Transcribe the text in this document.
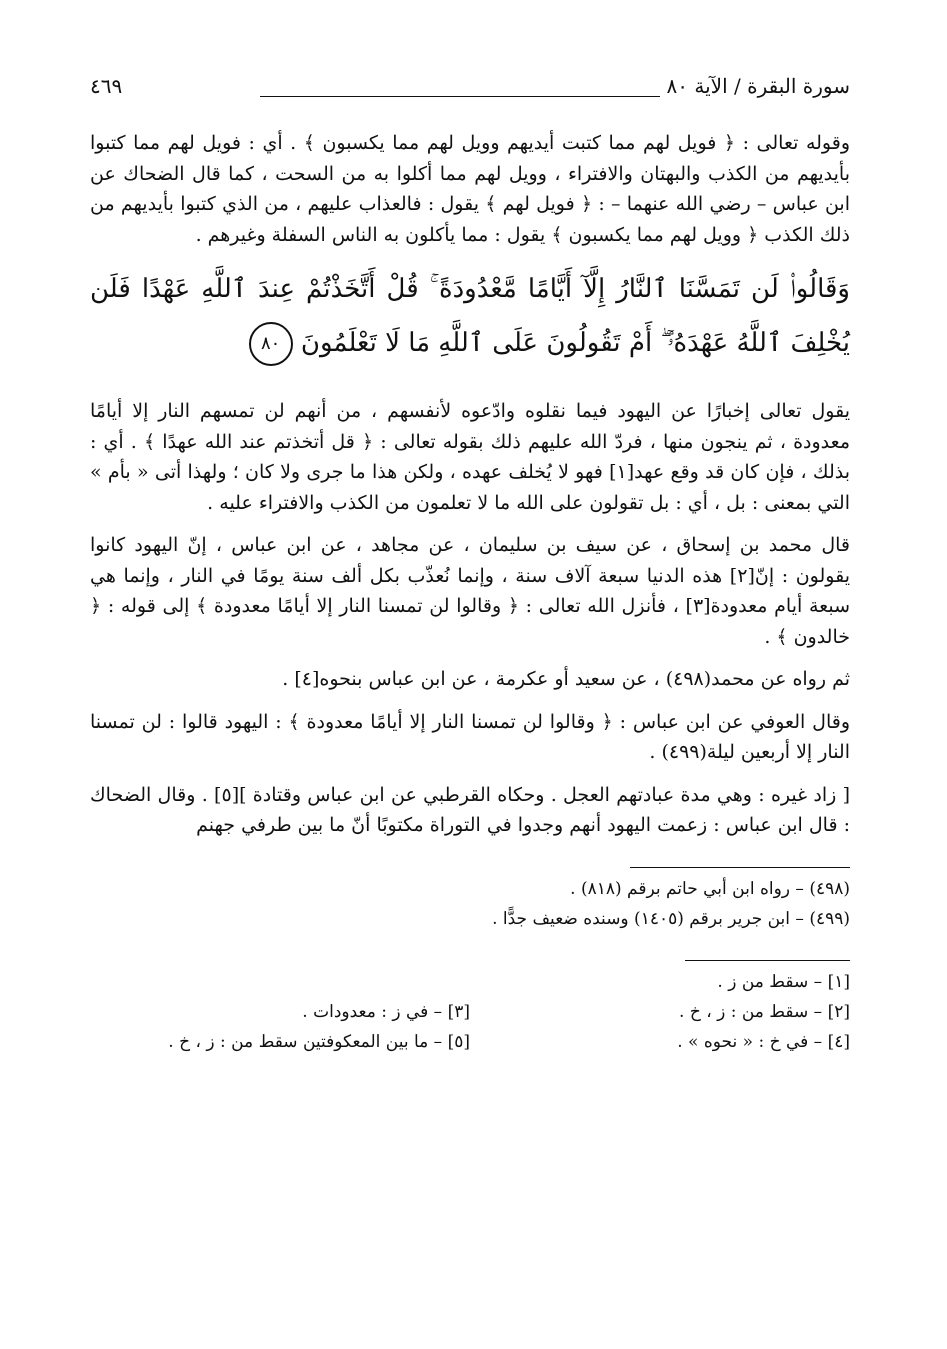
سورة البقرة / الآية ٨٠
٤٦٩

وقوله تعالى : ﴿ فويل لهم مما كتبت أيديهم وويل لهم مما يكسبون ﴾ . أي : فويل لهم مما كتبوا بأيديهم من الكذب والبهتان والافتراء ، وويل لهم مما أكلوا به من السحت ، كما قال الضحاك عن ابن عباس – رضي الله عنهما – : ﴿ فويل لهم ﴾ يقول : فالعذاب عليهم ، من الذي كتبوا بأيديهم من ذلك الكذب ﴿ وويل لهم مما يكسبون ﴾ يقول : مما يأكلون به الناس السفلة وغيرهم .

وَقَالُوا۟ لَن تَمَسَّنَا ٱلنَّارُ إِلَّآ أَيَّامًا مَّعْدُودَةً ۚ قُلْ أَتَّخَذْتُمْ عِندَ ٱللَّهِ عَهْدًا فَلَن يُخْلِفَ ٱللَّهُ عَهْدَهُۥٓ ۖ أَمْ تَقُولُونَ عَلَى ٱللَّهِ مَا لَا تَعْلَمُونَ ٨٠

يقول تعالى إخبارًا عن اليهود فيما نقلوه وادّعوه لأنفسهم ، من أنهم لن تمسهم النار إلا أيامًا معدودة ، ثم ينجون منها ، فردّ الله عليهم ذلك بقوله تعالى : ﴿ قل أتخذتم عند الله عهدًا ﴾ . أي : بذلك ، فإن كان قد وقع عهد[١] فهو لا يُخلف عهده ، ولكن هذا ما جرى ولا كان ؛ ولهذا أتى « بأم » التي بمعنى : بل ، أي : بل تقولون على الله ما لا تعلمون من الكذب والافتراء عليه .

قال محمد بن إسحاق ، عن سيف بن سليمان ، عن مجاهد ، عن ابن عباس ، إنّ اليهود كانوا يقولون : إنّ[٢] هذه الدنيا سبعة آلاف سنة ، وإنما نُعذّب بكل ألف سنة يومًا في النار ، وإنما هي سبعة أيام معدودة[٣] ، فأنزل الله تعالى : ﴿ وقالوا لن تمسنا النار إلا أيامًا معدودة ﴾ إلى قوله : ﴿ خالدون ﴾ .

ثم رواه عن محمد(٤٩٨) ، عن سعيد أو عكرمة ، عن ابن عباس بنحوه[٤] .

وقال العوفي عن ابن عباس : ﴿ وقالوا لن تمسنا النار إلا أيامًا معدودة ﴾ : اليهود قالوا : لن تمسنا النار إلا أربعين ليلة(٤٩٩) .

[ زاد غيره : وهي مدة عبادتهم العجل . وحكاه القرطبي عن ابن عباس وقتادة ][٥] . وقال الضحاك : قال ابن عباس : زعمت اليهود أنهم وجدوا في التوراة مكتوبًا أنّ ما بين طرفي جهنم

(٤٩٨) – رواه ابن أبي حاتم برقم (٨١٨) .

(٤٩٩) – ابن جرير برقم (١٤٠٥) وسنده ضعيف جدًّا .

[١] – سقط من ز .
[٢] – سقط من : ز ، خ .
[٣] – في ز : معدودات .
[٤] – في خ : « نحوه » .
[٥] – ما بين المعكوفتين سقط من : ز ، خ .
